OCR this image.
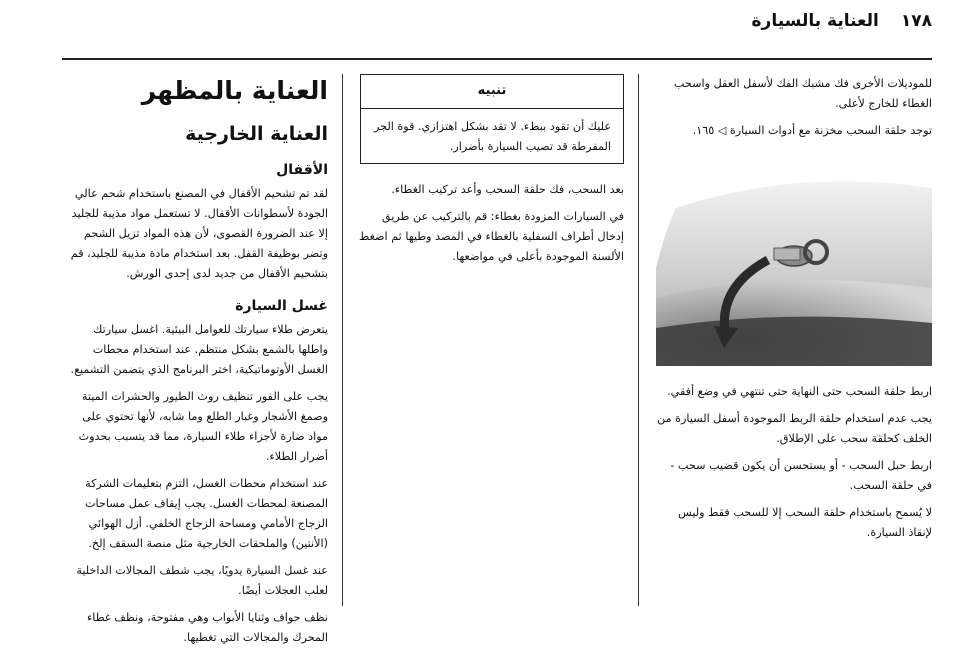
١٧٨
العناية بالسيارة

للموديلات الأخرى فك مشبك الفك لأسفل العقل واسحب الغطاء للخارج لأعلى.

توجد حلقة السحب مخزنة مع أدوات السيارة ◁ ١٦٥.

اربط حلقة السحب حتى النهاية حتى تنتهي في وضع أفقي.

يجب عدم استخدام حلقة الربط الموجودة أسفل السيارة من الخلف كحلقة سحب على الإطلاق.

اربط حبل السحب - أو يستحسن أن يكون قضيب سحب - في حلقة السحب.

لا يُسمح باستخدام حلقة السحب إلا للسحب فقط وليس لإنقاذ السيارة.

تنبيه
عليك أن تقود ببطء. لا تقد بشكل اهتزازي. قوة الجر المفرطة قد تصيب السيارة بأضرار.

بعد السحب، فك حلقة السحب وأعد تركيب الغطاء.

في السيارات المزودة بغطاء: قم بالتركيب عن طريق إدخال أطراف السفلية بالغطاء في المصد وطيها ثم اضغط الألسنة الموجودة بأعلى في مواضعها.

العناية بالمظهر
العناية الخارجية
الأقفال

لقد تم تشحيم الأقفال في المصنع باستخدام شحم عالي الجودة لأسطوانات الأقفال. لا تستعمل مواد مذيبة للجليد إلا عند الضرورة القصوى، لأن هذه المواد تزيل الشحم وتضر بوظيفة القفل. بعد استخدام مادة مذيبة للجليد، قم بتشحيم الأقفال من جديد لدى إحدى الورش.

غسل السيارة

يتعرض طلاء سيارتك للعوامل البيئية. اغسل سيارتك واطلها بالشمع بشكل منتظم. عند استخدام محطات الغسل الأوتوماتيكية، اختر البرنامج الذي يتضمن التشميع.

يجب على الفور تنظيف روث الطيور والحشرات الميتة وصمغ الأشجار وغبار الطلع وما شابه، لأنها تحتوي على مواد ضارة لأجزاء طلاء السيارة، مما قد يتسبب بحدوث أضرار الطلاء.

عند استخدام محطات الغسل، التزم بتعليمات الشركة المصنعة لمحطات الغسل. يجب إيقاف عمل مساحات الزجاج الأمامي ومساحة الزجاج الخلفي. أزل الهوائي (الأنتين) والملحقات الخارجية مثل منصة السقف إلخ.

عند غسل السيارة يدويًا، يجب شطف المجالات الداخلية لعلب العجلات أيضًا.

نظف حواف وثنايا الأبواب وهي مفتوحة، ونظف غطاء المحرك والمجالات التي تغطيها.
